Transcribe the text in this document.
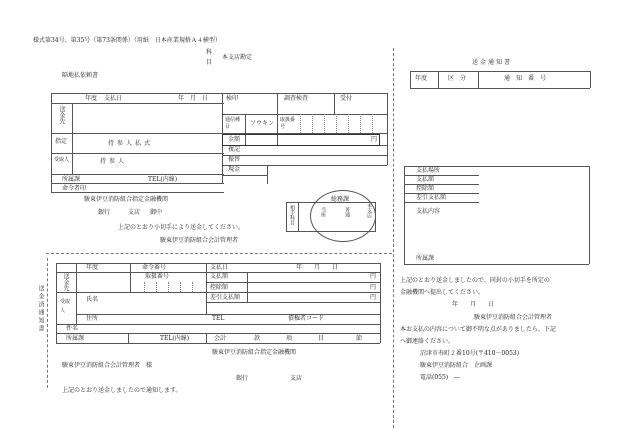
様式第34号、第35号（第73条関係）（用紙　日本産業規格Ａ４横型）
科
目
本支店勘定
隔地払依頼書
年度 支払日	年　月　日	検印	調査検査	受付
送金先	通信種目	ソウキン 取扱番号
指定	持参人払式
受取人	持参人
金額	円
複記
振替
現金
所属課	TEL(内線)
命令者印
駿東伊豆消防組合指定金融機関
銀行	支店 御中
上記のとおり小切手により送金してください。
駿東伊豆消防組合会計管理者
相手科目
総務課
当座	普通	本支店
送金通知書
年度	区　分	通　知　番　号
支払場所
支払額
控除額
差引支払額
支払内容
所属課
上記のとおり送金しましたので、同封の小切手を所定の
金融機関へ提出してください。
年　　月　　日
駿東伊豆消防組合会計管理者
本お支払の内容について御不明な点がありましたら、下記
へ御連絡ください。
沼津市寿町２番10号(〒410－0053)
駿東伊豆消防組合　企画課
電話(055)　―
送金済通知書
年度	命令番号	支払日	年　　月　　日
送金先	取扱番号	支払額	円
控除額	円
差引支払額	円
受取人
氏名
住所	TEL	債権者コード
件名
所属課	TEL(内線)	会計	款	項	目	節
駿東伊豆消防組合指定金融機関
駿東伊豆消防組合会計管理者　様
銀行	支店
上記のとおり送金しましたので通知します。
